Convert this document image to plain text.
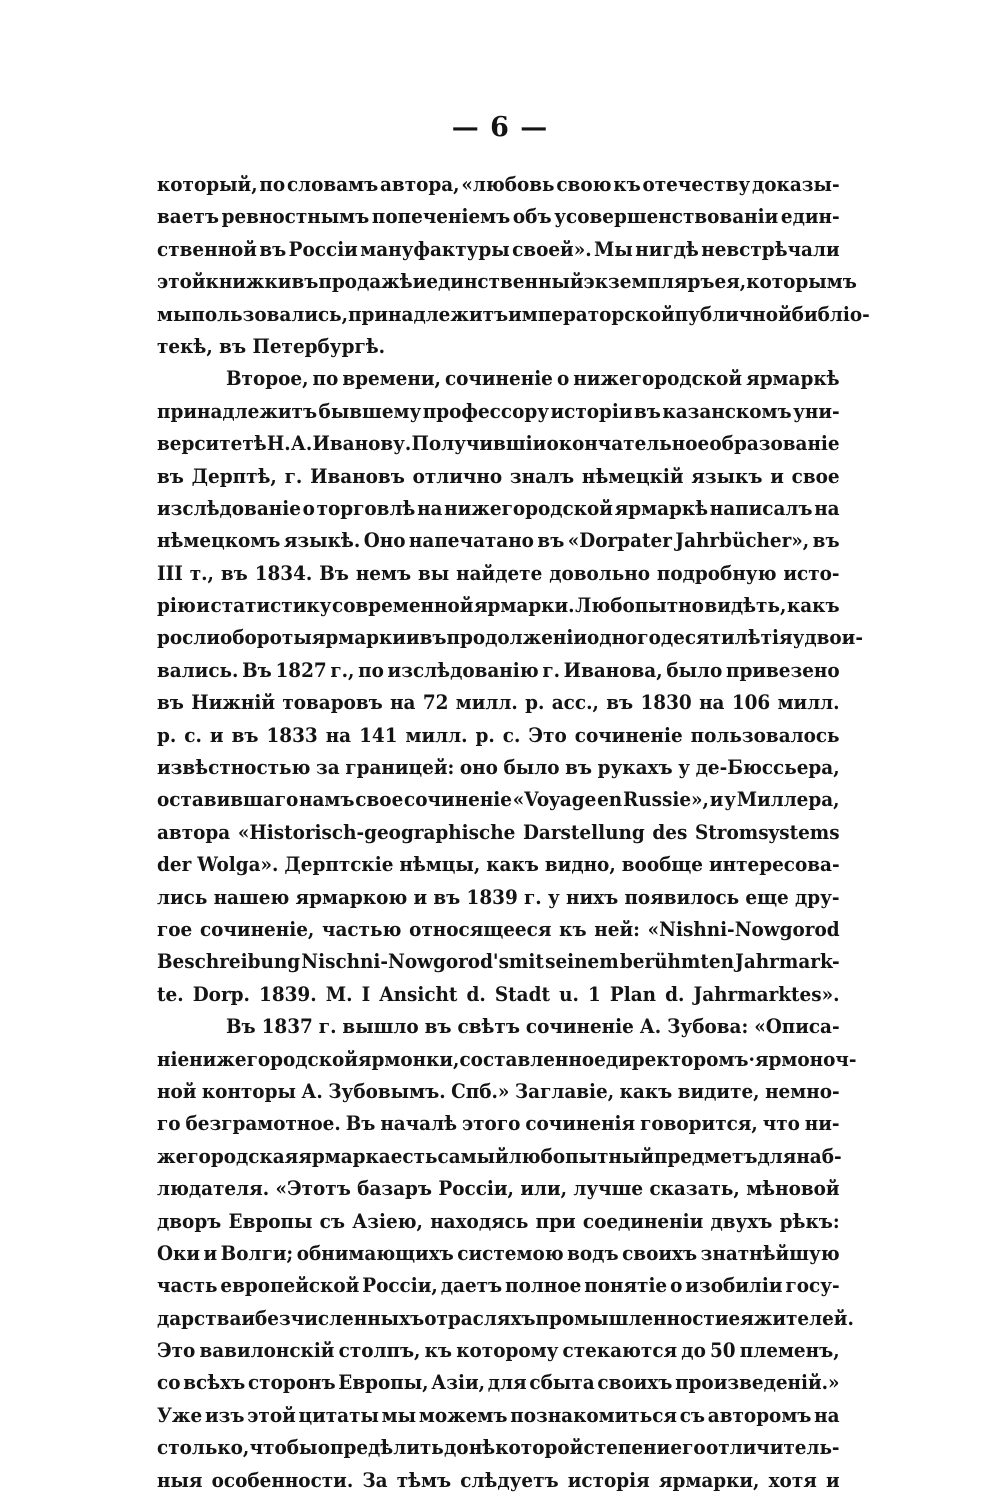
— 6 —
который, по словамъ автора, «любовь свою къ отечеству доказы-
ваетъ ревностнымъ попеченіемъ объ усовершенствованіи един-
ственной въ Россіи мануфактуры своей». Мы нигдѣ невстрѣчали
этой книжки въ продажѣ и единственный экземпляръ ея, которымъ
мы пользовались, принадлежитъ императорской публичной библіо-
текѣ,
въ
Петербургѣ.
Второе, по времени, сочиненіе о нижегородской ярмаркѣ
принадлежитъ бывшему профессору исторіи въ казанскомъ уни-
верситетѣ Н. А. Иванову. Получившіи окончательное образованіе
въ Дерптѣ, г. Ивановъ отлично зналъ нѣмецкій языкъ и свое
изслѣдованіе о торговлѣ на нижегородской ярмаркѣ написалъ на
нѣмецкомъ языкѣ. Оно напечатано въ «Dorpater Jahrbücher», въ
III т., въ 1834. Въ немъ вы найдете довольно подробную исто-
рію и статистику современной ярмарки. Любопытно видѣть, какъ
росли обороты ярмарки и въ продолженіи одного десятилѣтія удвои-
вались. Въ 1827 г., по изслѣдованію г. Иванова, было привезено
въ Нижній товаровъ на 72 милл. р. асс., въ 1830 на 106 милл.
р. с. и въ 1833 на 141 милл. р. с. Это сочиненіе пользовалось
извѣстностью за границей: оно было въ рукахъ у де-Бюссьера,
оставившаго намъ свое сочиненіе «Voyage en Russie», и у Миллера,
автора «Historisch-geographische Darstellung des Stromsystems
der Wolga». Дерптскіе нѣмцы, какъ видно, вообще интересова-
лись нашею ярмаркою и въ 1839 г. у нихъ появилось еще дру-
гое сочиненіе, частью относящееся къ ней: «Nishni-Nowgorod
Beschreibung Nischni-Nowgorod'smit seinem berühmten Jahrmark-
te. Dorp. 1839. M. I Ansicht d. Stadt u. 1 Plan d. Jahrmarktes».
Въ 1837 г. вышло въ свѣтъ сочиненіе А. Зубова: «Описа-
ніе нижегородской ярмонки, составленное директоромъ ·ярмоноч-
ной конторы А. Зубовымъ. Спб.» Заглавіе, какъ видите, немно-
го безграмотное. Въ началѣ этого сочиненія говорится, что ни-
жегородская ярмарка есть самый любопытный предметъ для наб-
людателя. «Этотъ базаръ Россіи, или, лучше сказать, мѣновой
дворъ Европы съ Азіею, находясь при соединеніи двухъ рѣкъ:
Оки и Волги; обнимающихъ системою водъ своихъ знатнѣйшую
часть европейской Россіи, даетъ полное понятіе о изобиліи госу-
дарства и безчисленныхъ отрасляхъ промышленности ея жителей.
Это вавилонскій столпъ, къ которому стекаются до 50 племенъ,
со всѣхъ сторонъ Европы, Азіи, для сбыта своихъ произведеній.»
Уже изъ этой цитаты мы можемъ познакомиться съ авторомъ на
столько, чтобы опредѣлить до нѣкоторой степени его отличитель-
ныя особенности. За тѣмъ слѣдуетъ исторія ярмарки, хотя и
